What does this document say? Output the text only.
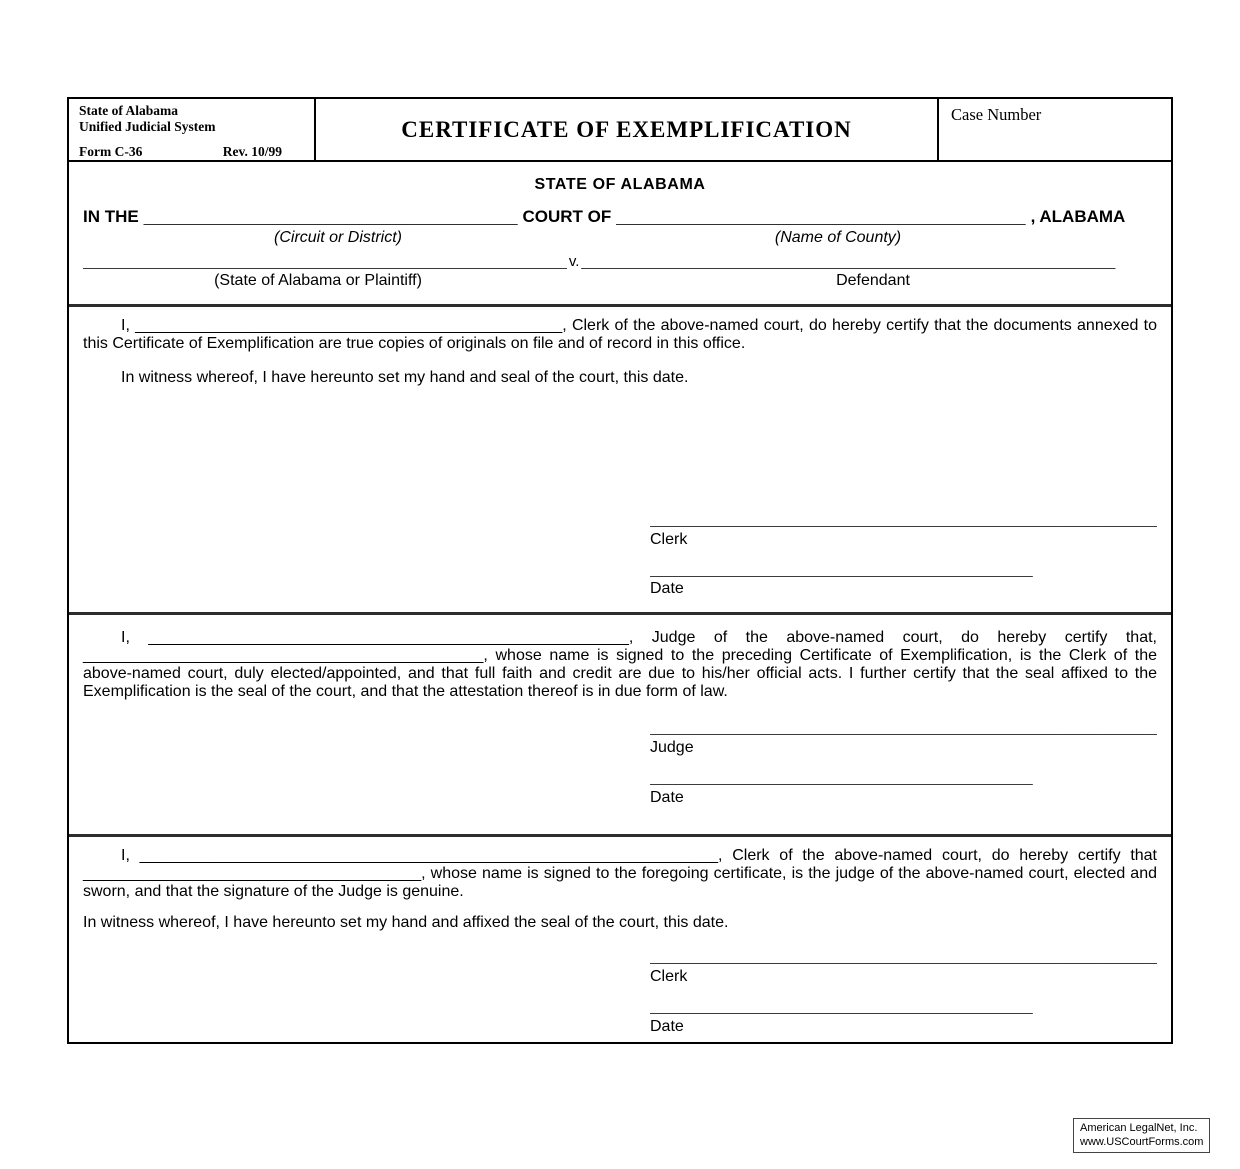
State of Alabama
Unified Judicial System
Form C-36	Rev. 10/99
CERTIFICATE OF EXEMPLIFICATION
Case Number
STATE OF ALABAMA
IN THE __________________________________________ COURT OF ______________________________________________ , ALABAMA
(Circuit or District)	(Name of County)
__________________________________________________________ v. ________________________________________________________________
(State of Alabama or Plaintiff)	Defendant

I, ________________________________________________, Clerk of the above-named court, do hereby certify that the documents annexed to this Certificate of Exemplification are true copies of originals on file and of record in this office.

In witness whereof, I have hereunto set my hand and seal of the court, this date.

_________________________________________________________
Clerk
___________________________________________
Date

I, ______________________________________________________, Judge of the above-named court, do hereby certify that, _____________________________________________, whose name is signed to the preceding Certificate of Exemplification, is the Clerk of the above-named court, duly elected/appointed, and that full faith and credit are due to his/her official acts. I further certify that the seal affixed to the Exemplification is the seal of the court, and that the attestation thereof is in due form of law.

_________________________________________________________
Judge
___________________________________________
Date

I, _________________________________________________________________, Clerk of the above-named court, do hereby certify that ______________________________________, whose name is signed to the foregoing certificate, is the judge of the above-named court, elected and sworn, and that the signature of the Judge is genuine.

In witness whereof, I have hereunto set my hand and affixed the seal of the court, this date.

_________________________________________________________
Clerk
___________________________________________
Date
American LegalNet, Inc.
www.USCourtForms.com
